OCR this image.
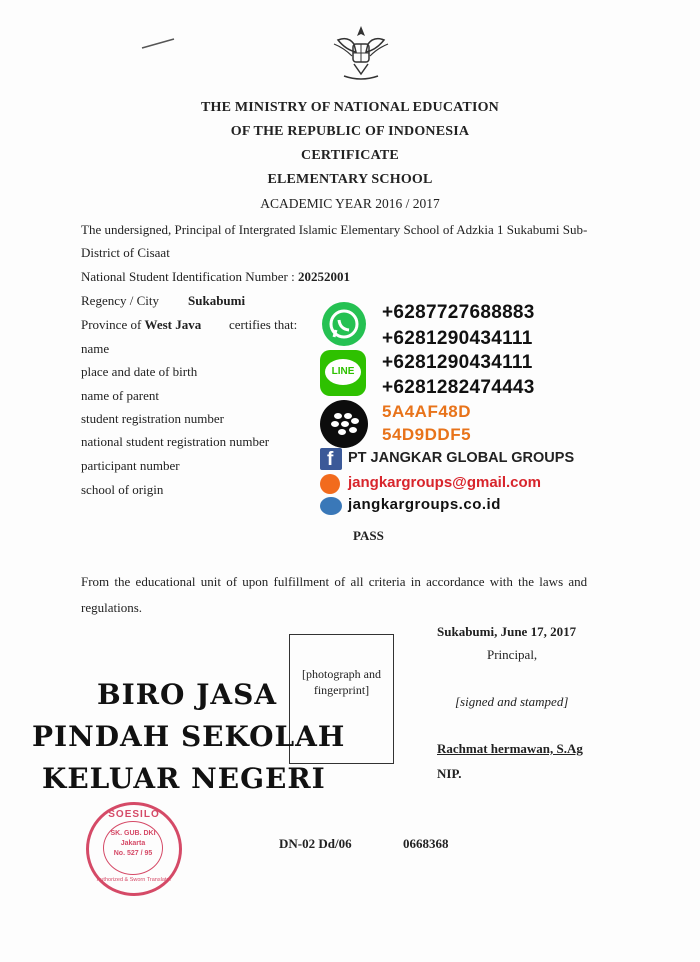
THE MINISTRY OF NATIONAL EDUCATION
OF THE REPUBLIC OF INDONESIA
CERTIFICATE
ELEMENTARY SCHOOL
ACADEMIC YEAR 2016 / 2017
The undersigned, Principal of Intergrated Islamic Elementary School of Adzkia 1 Sukabumi Sub-
District of Cisaat
National Student Identification Number : 20252001
Regency / City Sukabumi
Province of West Java certifies that:
name
place and date of birth
name of parent
student registration number
national student registration number
participant number
school of origin
+6287727688883
+6281290434111
LINE	+6281290434111
+6281282474443
5A4AF48D
54D9DDF5
f PT JANGKAR GLOBAL GROUPS
jangkargroups@gmail.com
jangkargroups.co.id
PASS
From the educational unit of upon fulfillment of all criteria in accordance with the laws and
regulations.
Sukabumi, June 17, 2017
Principal,
[signed and stamped]
Rachmat hermawan, S.Ag
NIP.
[photograph and
fingerprint]
BIRO JASA
PINDAH SEKOLAH
KELUAR NEGERI
SOESILO
SK. GUB. DKI
Jakarta
No. 527 / 95
Authorized & Sworn Translator
DN-02 Dd/06	0668368
